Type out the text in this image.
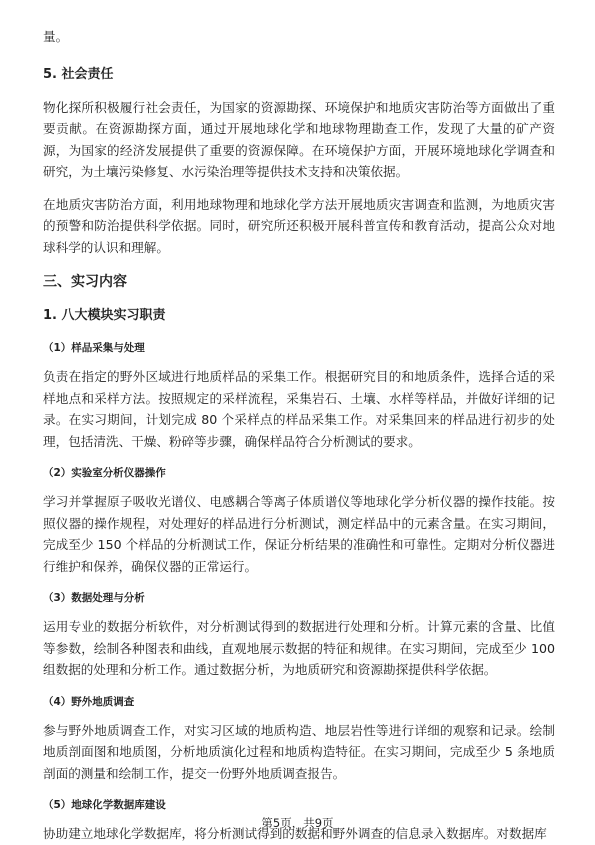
量。

5. 社会责任

物化探所积极履行社会责任，为国家的资源勘探、环境保护和地质灾害防治等方面做出了重要贡献。在资源勘探方面，通过开展地球化学和地球物理勘查工作，发现了大量的矿产资源，为国家的经济发展提供了重要的资源保障。在环境保护方面，开展环境地球化学调查和研究，为土壤污染修复、水污染治理等提供技术支持和决策依据。

在地质灾害防治方面，利用地球物理和地球化学方法开展地质灾害调查和监测，为地质灾害的预警和防治提供科学依据。同时，研究所还积极开展科普宣传和教育活动，提高公众对地球科学的认识和理解。

三、实习内容

1. 八大模块实习职责

（1）样品采集与处理

负责在指定的野外区域进行地质样品的采集工作。根据研究目的和地质条件，选择合适的采样地点和采样方法。按照规定的采样流程，采集岩石、土壤、水样等样品，并做好详细的记录。在实习期间，计划完成 80 个采样点的样品采集工作。对采集回来的样品进行初步的处理，包括清洗、干燥、粉碎等步骤，确保样品符合分析测试的要求。

（2）实验室分析仪器操作

学习并掌握原子吸收光谱仪、电感耦合等离子体质谱仪等地球化学分析仪器的操作技能。按照仪器的操作规程，对处理好的样品进行分析测试，测定样品中的元素含量。在实习期间，完成至少 150 个样品的分析测试工作，保证分析结果的准确性和可靠性。定期对分析仪器进行维护和保养，确保仪器的正常运行。

（3）数据处理与分析

运用专业的数据分析软件，对分析测试得到的数据进行处理和分析。计算元素的含量、比值等参数，绘制各种图表和曲线，直观地展示数据的特征和规律。在实习期间，完成至少 100 组数据的处理和分析工作。通过数据分析，为地质研究和资源勘探提供科学依据。

（4）野外地质调查

参与野外地质调查工作，对实习区域的地质构造、地层岩性等进行详细的观察和记录。绘制地质剖面图和地质图，分析地质演化过程和地质构造特征。在实习期间，完成至少 5 条地质剖面的测量和绘制工作，提交一份野外地质调查报告。

（5）地球化学数据库建设

协助建立地球化学数据库，将分析测试得到的数据和野外调查的信息录入数据库。对数据库

第5页，共9页
